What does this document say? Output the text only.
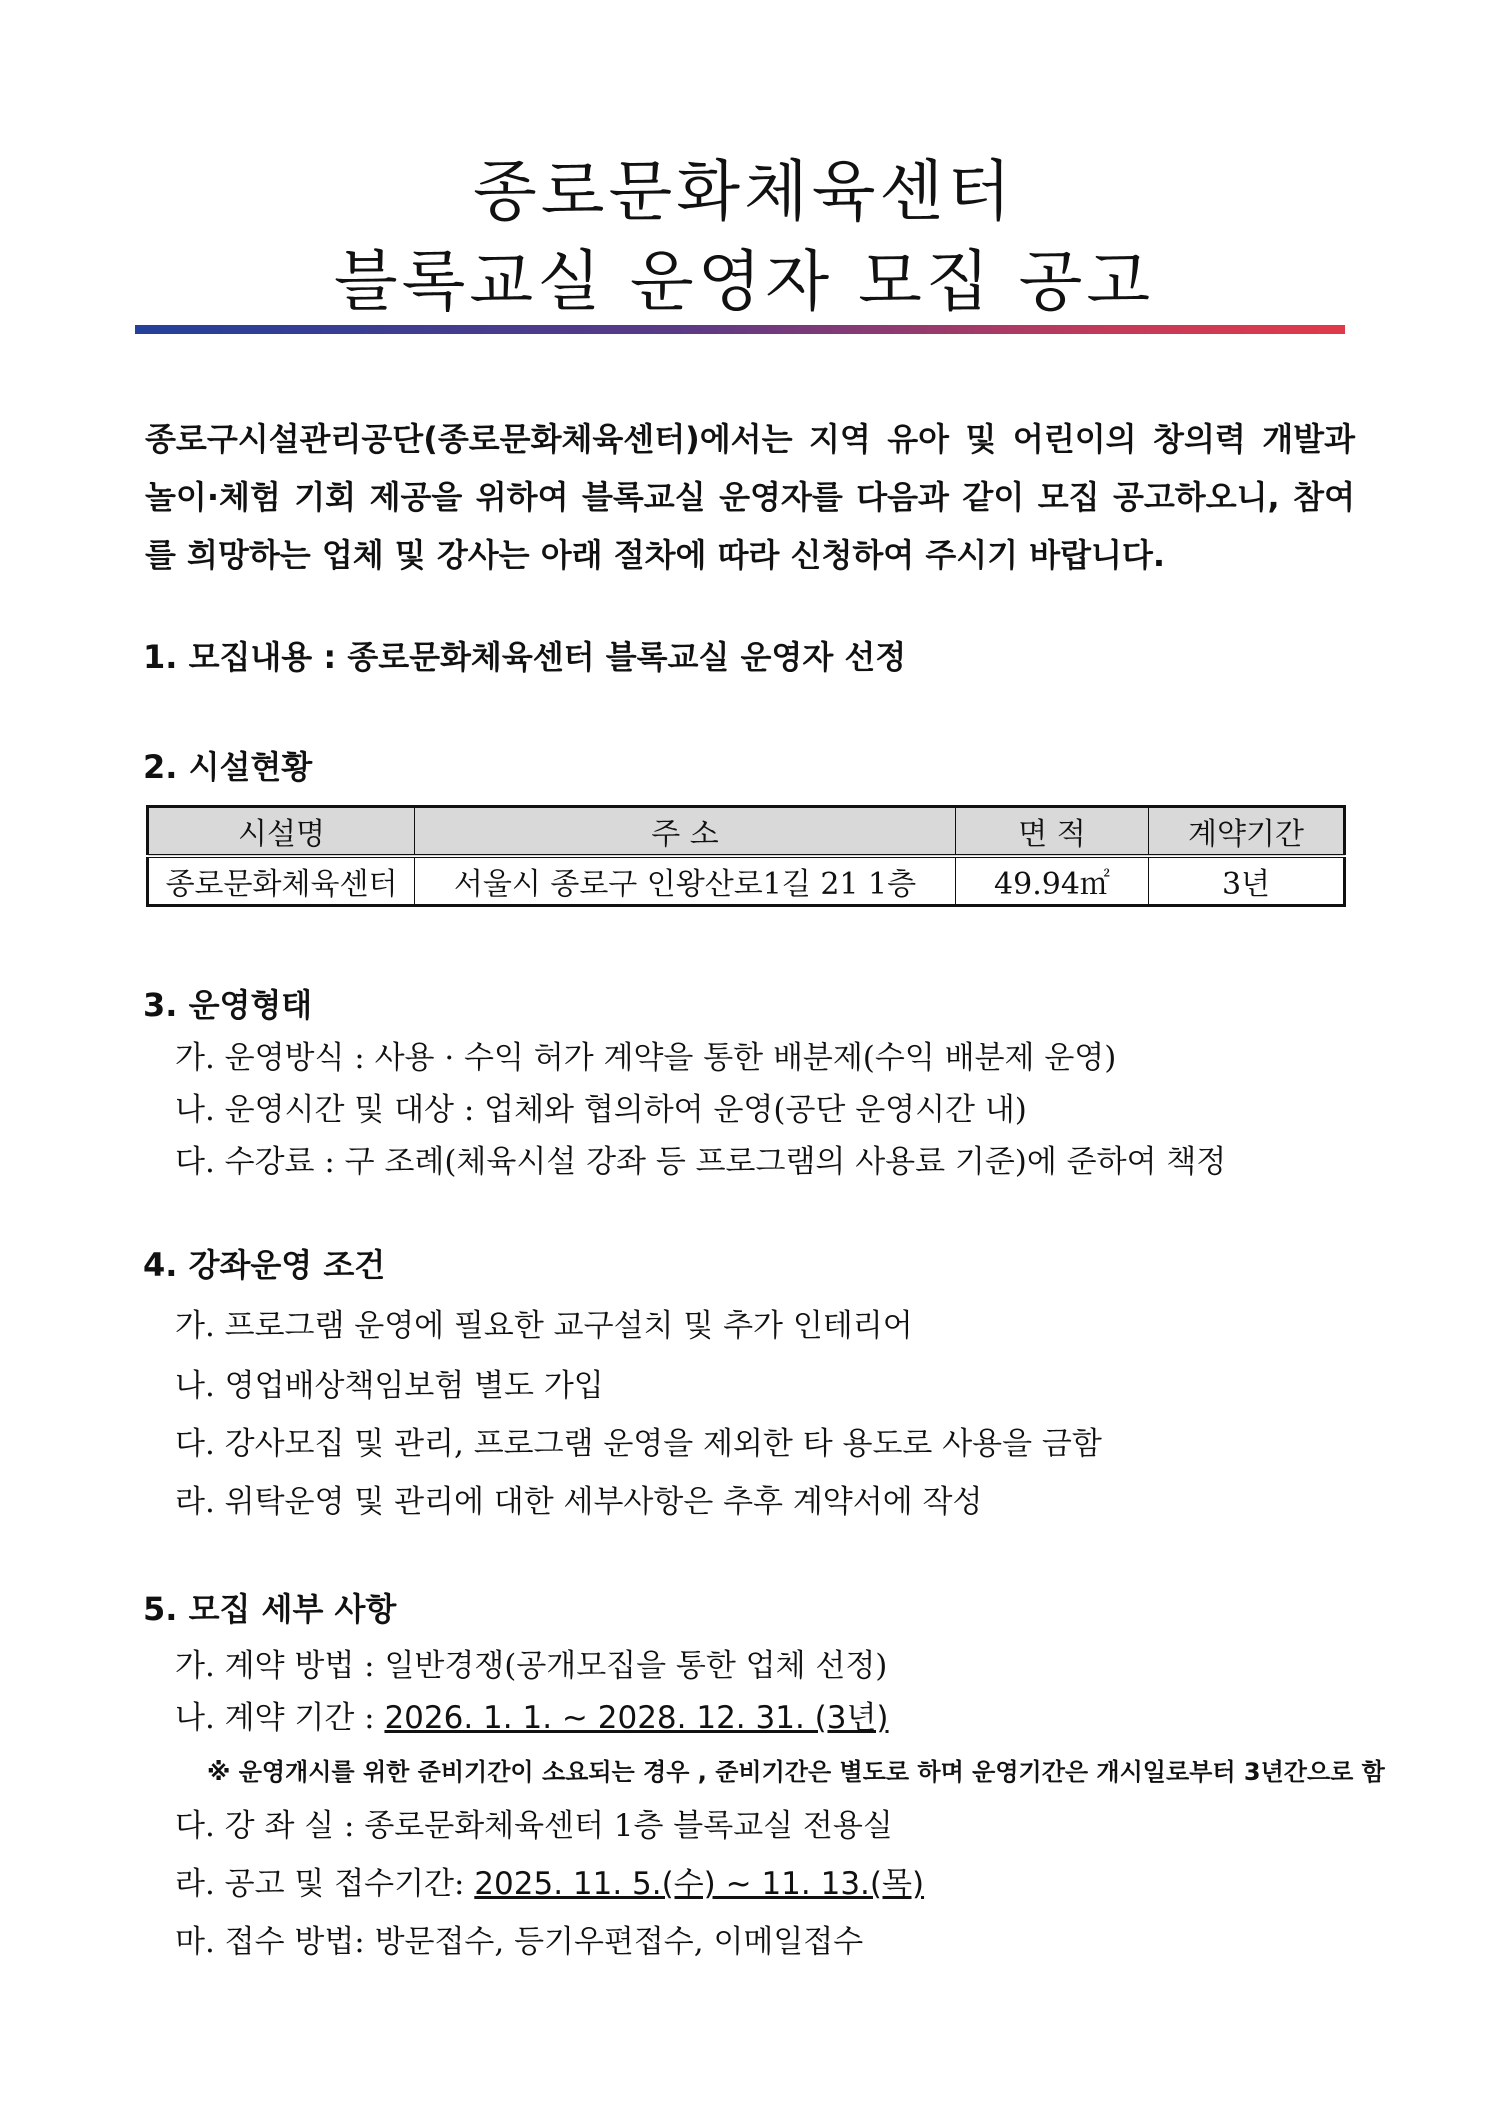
종로문화체육센터
블록교실 운영자 모집 공고
종로구시설관리공단(종로문화체육센터)에서는 지역 유아 및 어린이의 창의력 개발과 놀이·체험 기회 제공을 위하여 블록교실 운영자를 다음과 같이 모집 공고하오니, 참여를 희망하는 업체 및 강사는 아래 절차에 따라 신청하여 주시기 바랍니다.
1. 모집내용 : 종로문화체육센터 블록교실 운영자 선정
2. 시설현황
시설명	주 소	면 적	계약기간
종로문화체육센터	서울시 종로구 인왕산로1길 21 1층	49.94㎡	3년
3. 운영형태
가. 운영방식 : 사용 · 수익 허가 계약을 통한 배분제(수익 배분제 운영)
나. 운영시간 및 대상 : 업체와 협의하여 운영(공단 운영시간 내)
다. 수강료 : 구 조례(체육시설 강좌 등 프로그램의 사용료 기준)에 준하여 책정
4. 강좌운영 조건
가. 프로그램 운영에 필요한 교구설치 및 추가 인테리어
나. 영업배상책임보험 별도 가입
다. 강사모집 및 관리, 프로그램 운영을 제외한 타 용도로 사용을 금함
라. 위탁운영 및 관리에 대한 세부사항은 추후 계약서에 작성
5. 모집 세부 사항
가. 계약 방법 : 일반경쟁(공개모집을 통한 업체 선정)
나. 계약 기간 : 2026. 1. 1. ~ 2028. 12. 31. (3년)
※ 운영개시를 위한 준비기간이 소요되는 경우 , 준비기간은 별도로 하며 운영기간은 개시일로부터 3년간으로 함
다. 강 좌 실 : 종로문화체육센터 1층 블록교실 전용실
라. 공고 및 접수기간: 2025. 11. 5.(수) ~ 11. 13.(목)
마. 접수 방법: 방문접수, 등기우편접수, 이메일접수
